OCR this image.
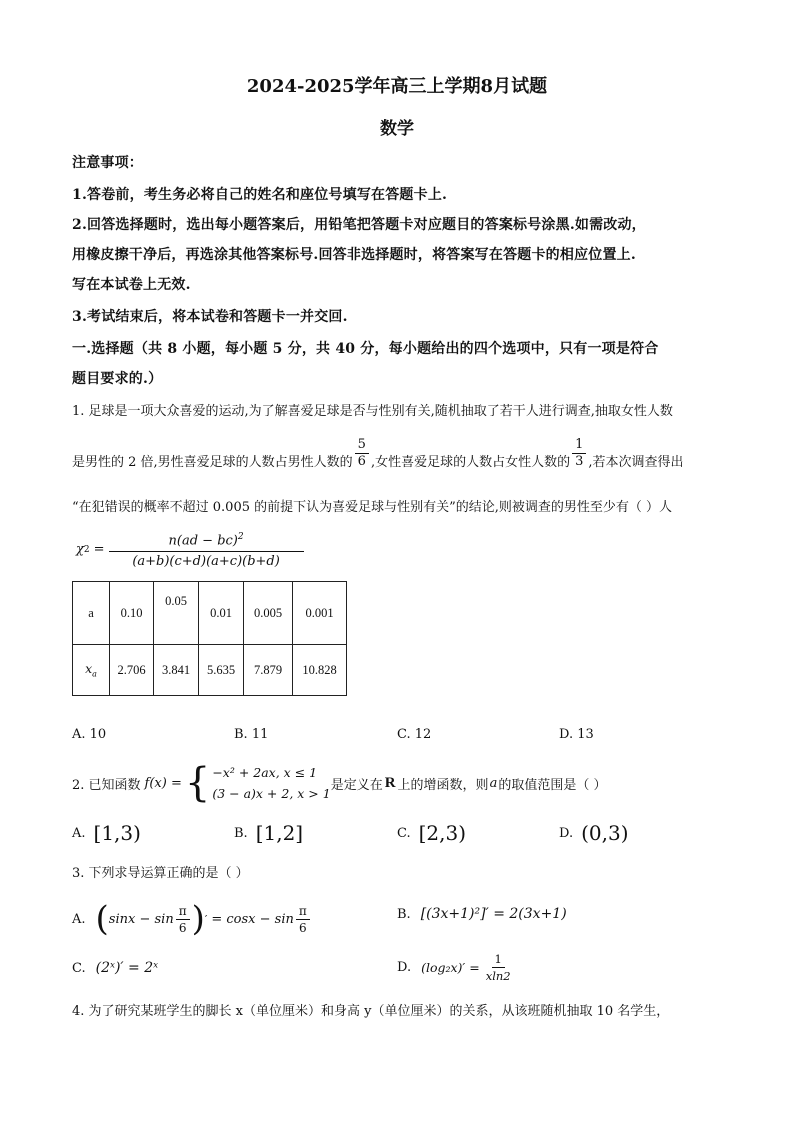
2024-2025学年高三上学期8月试题
数学
注意事项：
1.答卷前，考生务必将自己的姓名和座位号填写在答题卡上.
2.回答选择题时，选出每小题答案后，用铅笔把答题卡对应题目的答案标号涂黑.如需改动，
用橡皮擦干净后，再选涂其他答案标号.回答非选择题时，将答案写在答题卡的相应位置上.
写在本试卷上无效.
3.考试结束后，将本试卷和答题卡一并交回.
一.选择题（共 8 小题，每小题 5 分，共 40 分，每小题给出的四个选项中，只有一项是符合
题目要求的.）
1. 足球是一项大众喜爱的运动,为了解喜爱足球是否与性别有关,随机抽取了若干人进行调查,抽取女性人数
是男性的 2 倍,男性喜爱足球的人数占男性人数的 $\frac{5}{6}$ ,女性喜爱足球的人数占女性人数的 $\frac{1}{3}$ ,若本次调查得出
“在犯错误的概率不超过 0.005 的前提下认为喜爱足球与性别有关”的结论,则被调查的男性至少有（ ）人
χ $2 = \frac{n(ad - bc)^2}{(a+b)(c+d)(a+c)(b+d)}$
a	0.10	0.05	0.01	0.005	0.001
$x_a$	2.706	3.841	5.635	7.879	10.828
A. 10	B. 11	C. 12	D. 13
2. 已知函数 f(x) = { −x² + 2ax, x ≤ 1
(3 − a)x + 2, x > 1
是定义在 R 上的增函数，则 a 的取值范围是（ ）
A. [1,3)	B. [1,2]	C. [2,3)	D. (0,3)
3. 下列求导运算正确的是（ ）
A. ( $\sin x - \sin \frac{\pi}{6}$ ) ′ = $\cos x - \sin \frac{\pi}{6}$	B. [(3x+1)²]′ = 2(3x+1)
C. (2ˣ)′ = 2ˣ	D. $(\log_2x)' = \frac{1}{xln2}$
4. 为了研究某班学生的脚长 x（单位厘米）和身高 y（单位厘米）的关系，从该班随机抽取 10 名学生，
